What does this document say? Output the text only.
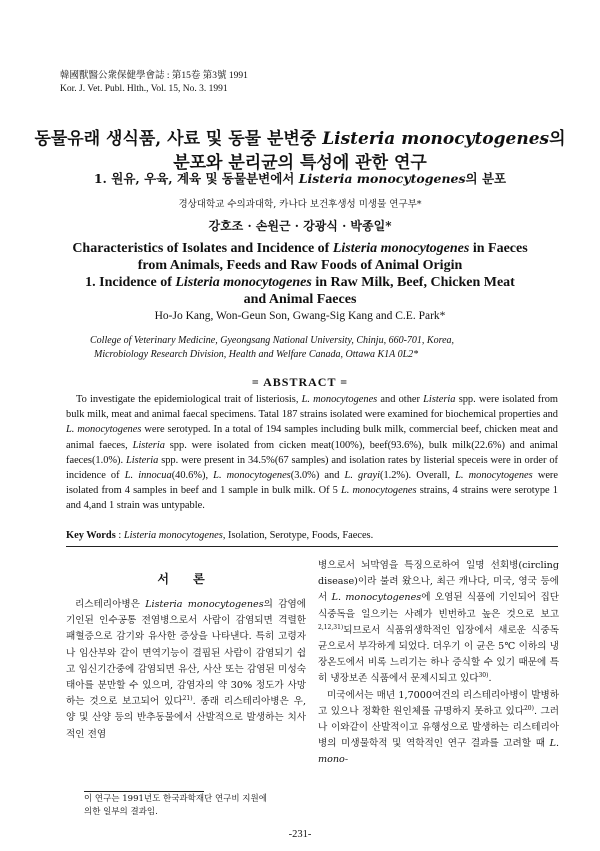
韓國獸醫公衆保健學會誌 : 第15卷 第3號 1991
Kor. J. Vet. Publ. Hlth., Vol. 15, No. 3. 1991
동물유래 생식품, 사료 및 동물 분변중 Listeria monocytogenes의
분포와 분리균의 특성에 관한 연구
1. 원유, 우육, 계육 및 동물분변에서 Listeria monocytogenes의 분포
경상대학교 수의과대학, 카나다 보건후생성 미생물 연구부*
강호조 · 손원근 · 강광식 · 박종일*
Characteristics of Isolates and Incidence of Listeria monocytogenes in Faeces
from Animals, Feeds and Raw Foods of Animal Origin
1. Incidence of Listeria monocytogenes in Raw Milk, Beef, Chicken Meat
and Animal Faeces
Ho-Jo Kang, Won-Geun Son, Gwang-Sig Kang and C.E. Park*
College of Veterinary Medicine, Gyeongsang National University, Chinju, 660-701, Korea,
Microbiology Research Division, Health and Welfare Canada, Ottawa K1A 0L2*
= ABSTRACT =

To investigate the epidemiological trait of listeriosis, L. monocytogenes and other Listeria spp. were isolated from bulk milk, meat and animal faecal specimens. Tatal 187 strains isolated were examined for biochemical properties and L. monocytogenes were serotyped. In a total of 194 samples including bulk milk, commercial beef, chicken meat and animal faeces, Listeria spp. were isolated from cicken meat(100%), beef(93.6%), bulk milk(22.6%) and animal faeces(1.0%). Listeria spp. were present in 34.5%(67 samples) and isolation rates by listerial speceis were in order of incidence of L. innocua(40.6%), L. monocytogenes(3.0%) and L. grayi(1.2%). Overall, L. monocytogenes were isolated from 4 samples in beef and 1 sample in bulk milk. Of 5 L. monocytogenes strains, 4 strains were serotype 1 and 4,and 1 strain was untypable.

Key Words : Listeria monocytogenes, Isolation, Serotype, Foods, Faeces.
서 론
리스테리아병은 Listeria monocytogenes의 감염에 기인된 인수공통 전염병으로서 사람이 감염되면 격렬한 패혈증으로 감기와 유사한 증상을 나타낸다. 특히 고령자나 임산부와 같이 면역기능이 결핍된 사람이 감염되기 쉽고 임신기간중에 감염되면 유산, 사산 또는 감염된 미성숙 태아를 분만할 수 있으며, 감염자의 약 30% 정도가 사망하는 것으로 보고되어 있다$^{21)}$. 종래 리스테리아병은 우, 양 및 산양 등의 반추동물에서 산발적으로 발생하는 치사적인 전염
병으로서 뇌막염을 특징으로하여 일명 선회병(circling disease)이라 불려 왔으나, 최근 캐나다, 미국, 영국 등에서 L. monocytogenes에 오염된 식품에 기인되어 집단 식중독을 일으키는 사례가 빈번하고 높은 것으로 보고$^{2,12,31)}$되므로서 식품위생학적인 입장에서 새로운 식중독균으로서 부각하게 되었다. 더우기 이 균은 5℃ 이하의 냉장온도에서 비록 느리기는 하나 증식할 수 있기 때문에 특히 냉장보존 식품에서 문제시되고 있다$^{30)}$.
미국에서는 매년 1,7000여건의 리스테리아병이 발병하고 있으나 정확한 원인체를 규명하지 못하고 있다$^{20)}$. 그러나 이와같이 산발적이고 유행성으로 발생하는 리스테리아병의 미생물학적 및 역학적인 연구 결과를 고려할 때 L. mono-
이 연구는 1991년도 한국과학재단 연구비 지원에
의한 일부의 결과임.
-231-
